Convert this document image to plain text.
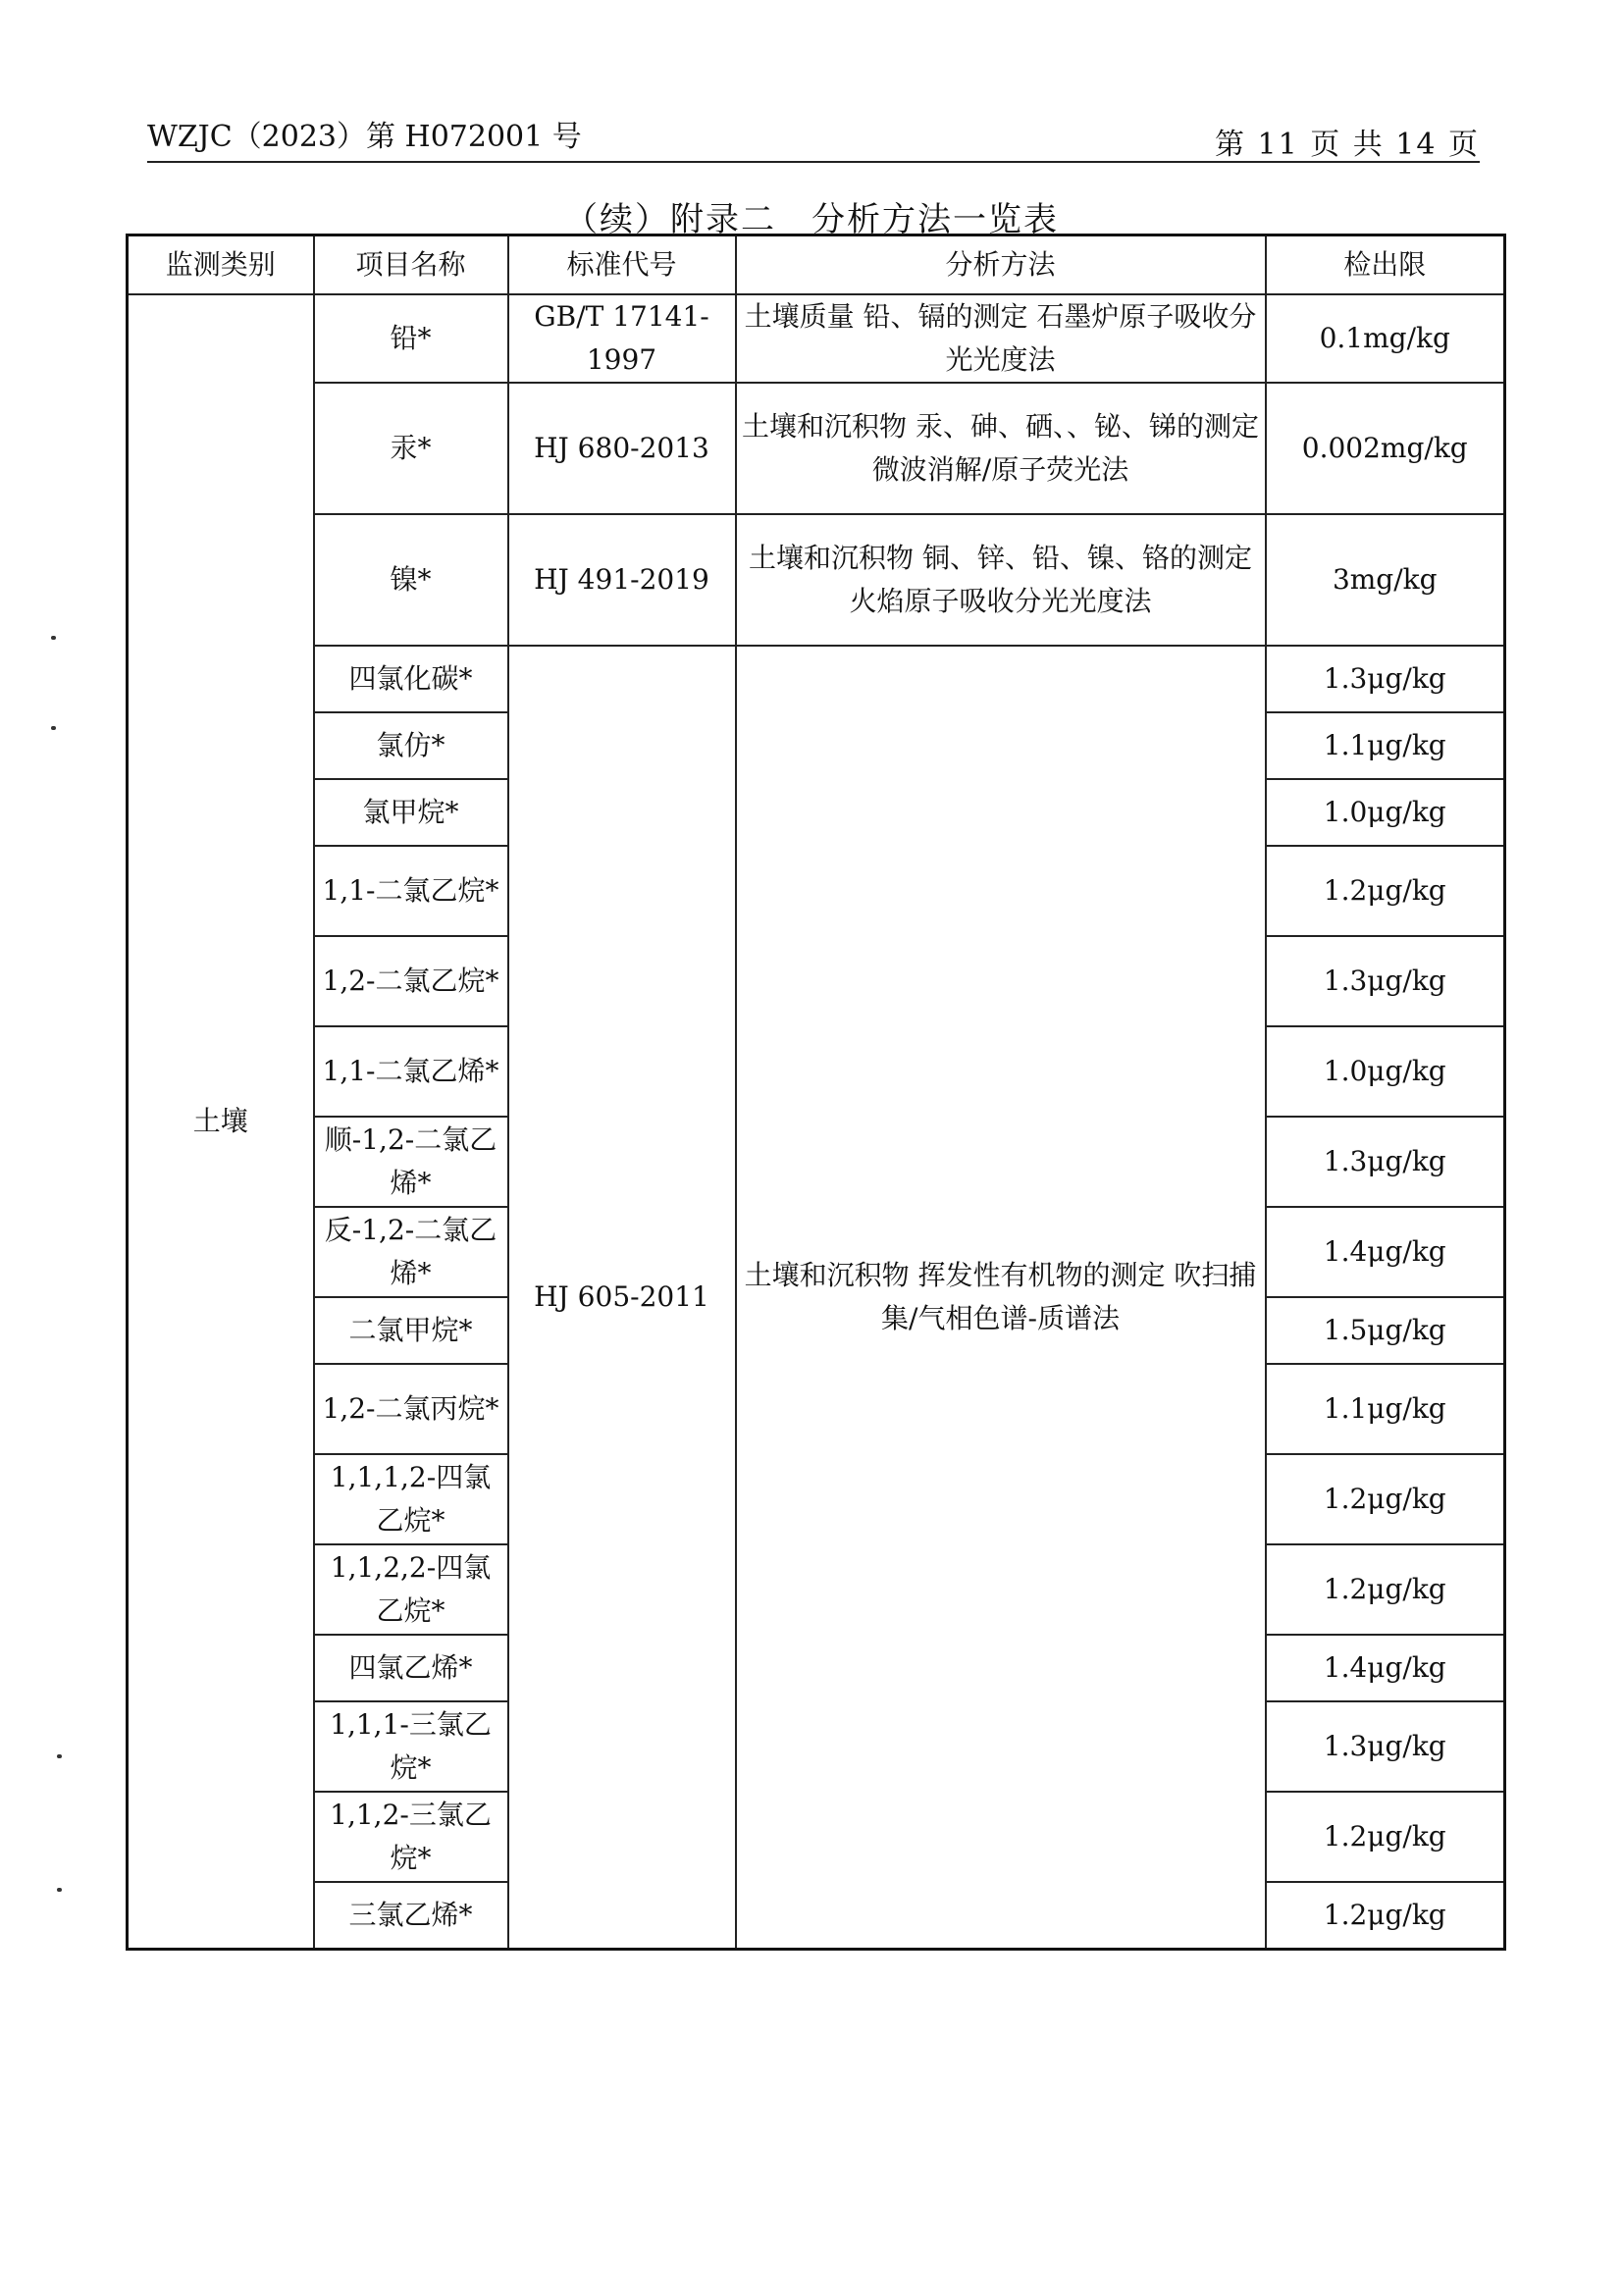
WZJC（2023）第 H072001 号	第 11 页 共 14 页
（续）附录二　分析方法一览表
监测类别	项目名称	标准代号	分析方法	检出限
土壤	铅*	GB/T 17141-1997	土壤质量 铅、镉的测定 石墨炉原子吸收分光光度法	0.1mg/kg
	汞*	HJ 680-2013	土壤和沉积物 汞、砷、硒、、铋、锑的测定 微波消解/原子荧光法	0.002mg/kg
	镍*	HJ 491-2019	土壤和沉积物 铜、锌、铅、镍、铬的测定火焰原子吸收分光光度法	3mg/kg
	四氯化碳*	HJ 605-2011	土壤和沉积物 挥发性有机物的测定 吹扫捕集/气相色谱-质谱法	1.3μg/kg
	氯仿*			1.1μg/kg
	氯甲烷*			1.0μg/kg
	1,1-二氯乙烷*			1.2μg/kg
	1,2-二氯乙烷*			1.3μg/kg
	1,1-二氯乙烯*			1.0μg/kg
	顺-1,2-二氯乙烯*			1.3μg/kg
	反-1,2-二氯乙烯*			1.4μg/kg
	二氯甲烷*			1.5μg/kg
	1,2-二氯丙烷*			1.1μg/kg
	1,1,1,2-四氯乙烷*			1.2μg/kg
	1,1,2,2-四氯乙烷*			1.2μg/kg
	四氯乙烯*			1.4μg/kg
	1,1,1-三氯乙烷*			1.3μg/kg
	1,1,2-三氯乙烷*			1.2μg/kg
	三氯乙烯*			1.2μg/kg
